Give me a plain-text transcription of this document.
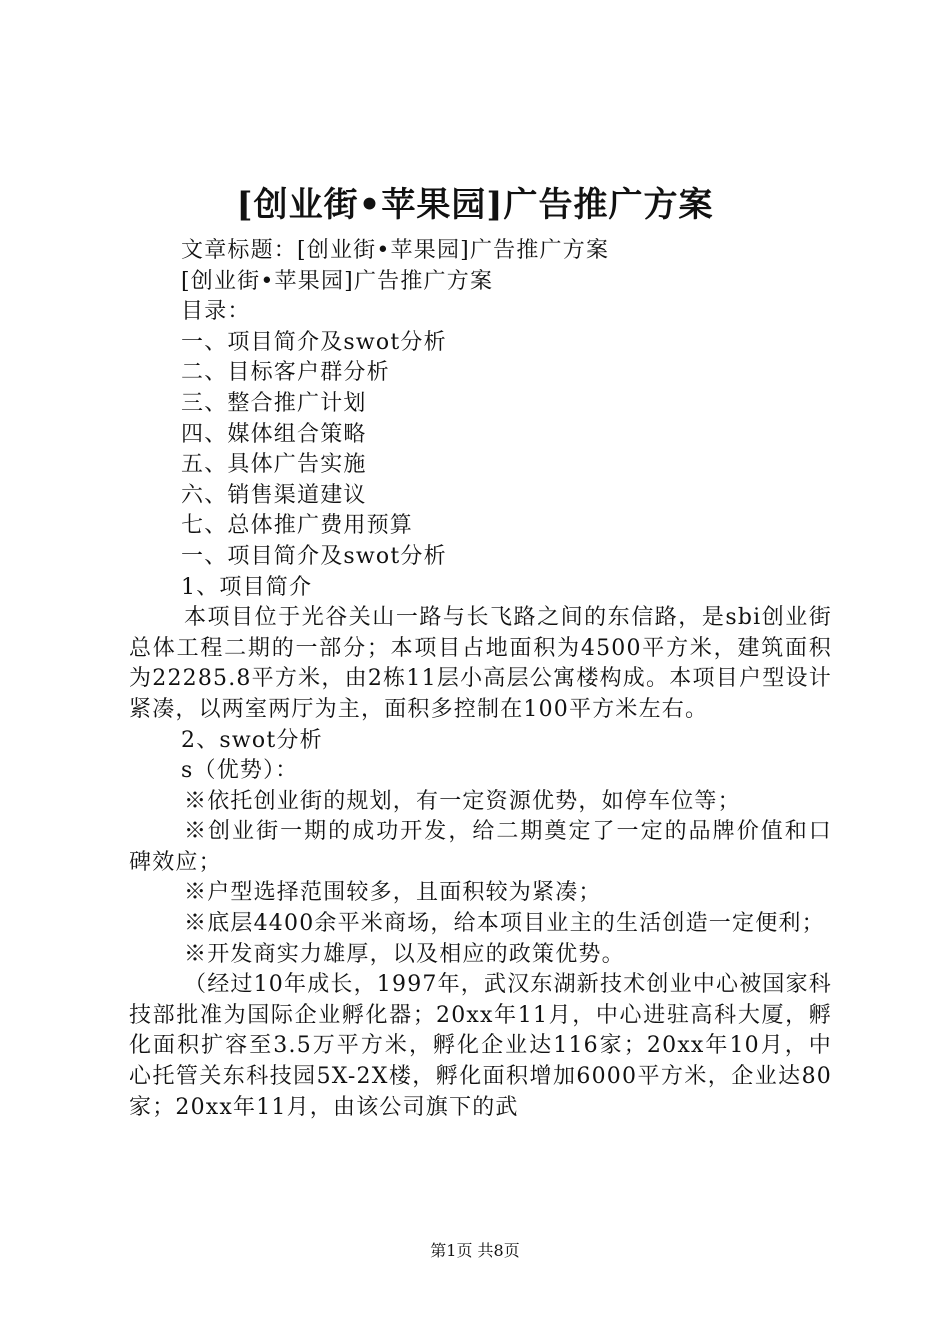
[创业街•苹果园]广告推广方案

文章标题：[创业街•苹果园]广告推广方案

[创业街•苹果园]广告推广方案

目录：

一、项目简介及swot分析

二、目标客户群分析

三、整合推广计划

四、媒体组合策略

五、具体广告实施

六、销售渠道建议

七、总体推广费用预算

一、项目简介及swot分析

1、项目简介

本项目位于光谷关山一路与长飞路之间的东信路，是sbi创业街总体工程二期的一部分；本项目占地面积为4500平方米，建筑面积为22285.8平方米，由2栋11层小高层公寓楼构成。本项目户型设计紧凑，以两室两厅为主，面积多控制在100平方米左右。

2、swot分析

s（优势）：

※依托创业街的规划，有一定资源优势，如停车位等；

※创业街一期的成功开发，给二期奠定了一定的品牌价值和口碑效应；

※户型选择范围较多，且面积较为紧凑；

※底层4400余平米商场，给本项目业主的生活创造一定便利；

※开发商实力雄厚，以及相应的政策优势。

（经过10年成长，1997年，武汉东湖新技术创业中心被国家科技部批准为国际企业孵化器；20xx年11月，中心进驻高科大厦，孵化面积扩容至3.5万平方米，孵化企业达116家；20xx年10月，中心托管关东科技园5X-2X楼，孵化面积增加6000平方米，企业达80家；20xx年11月，由该公司旗下的武

第1页 共8页
